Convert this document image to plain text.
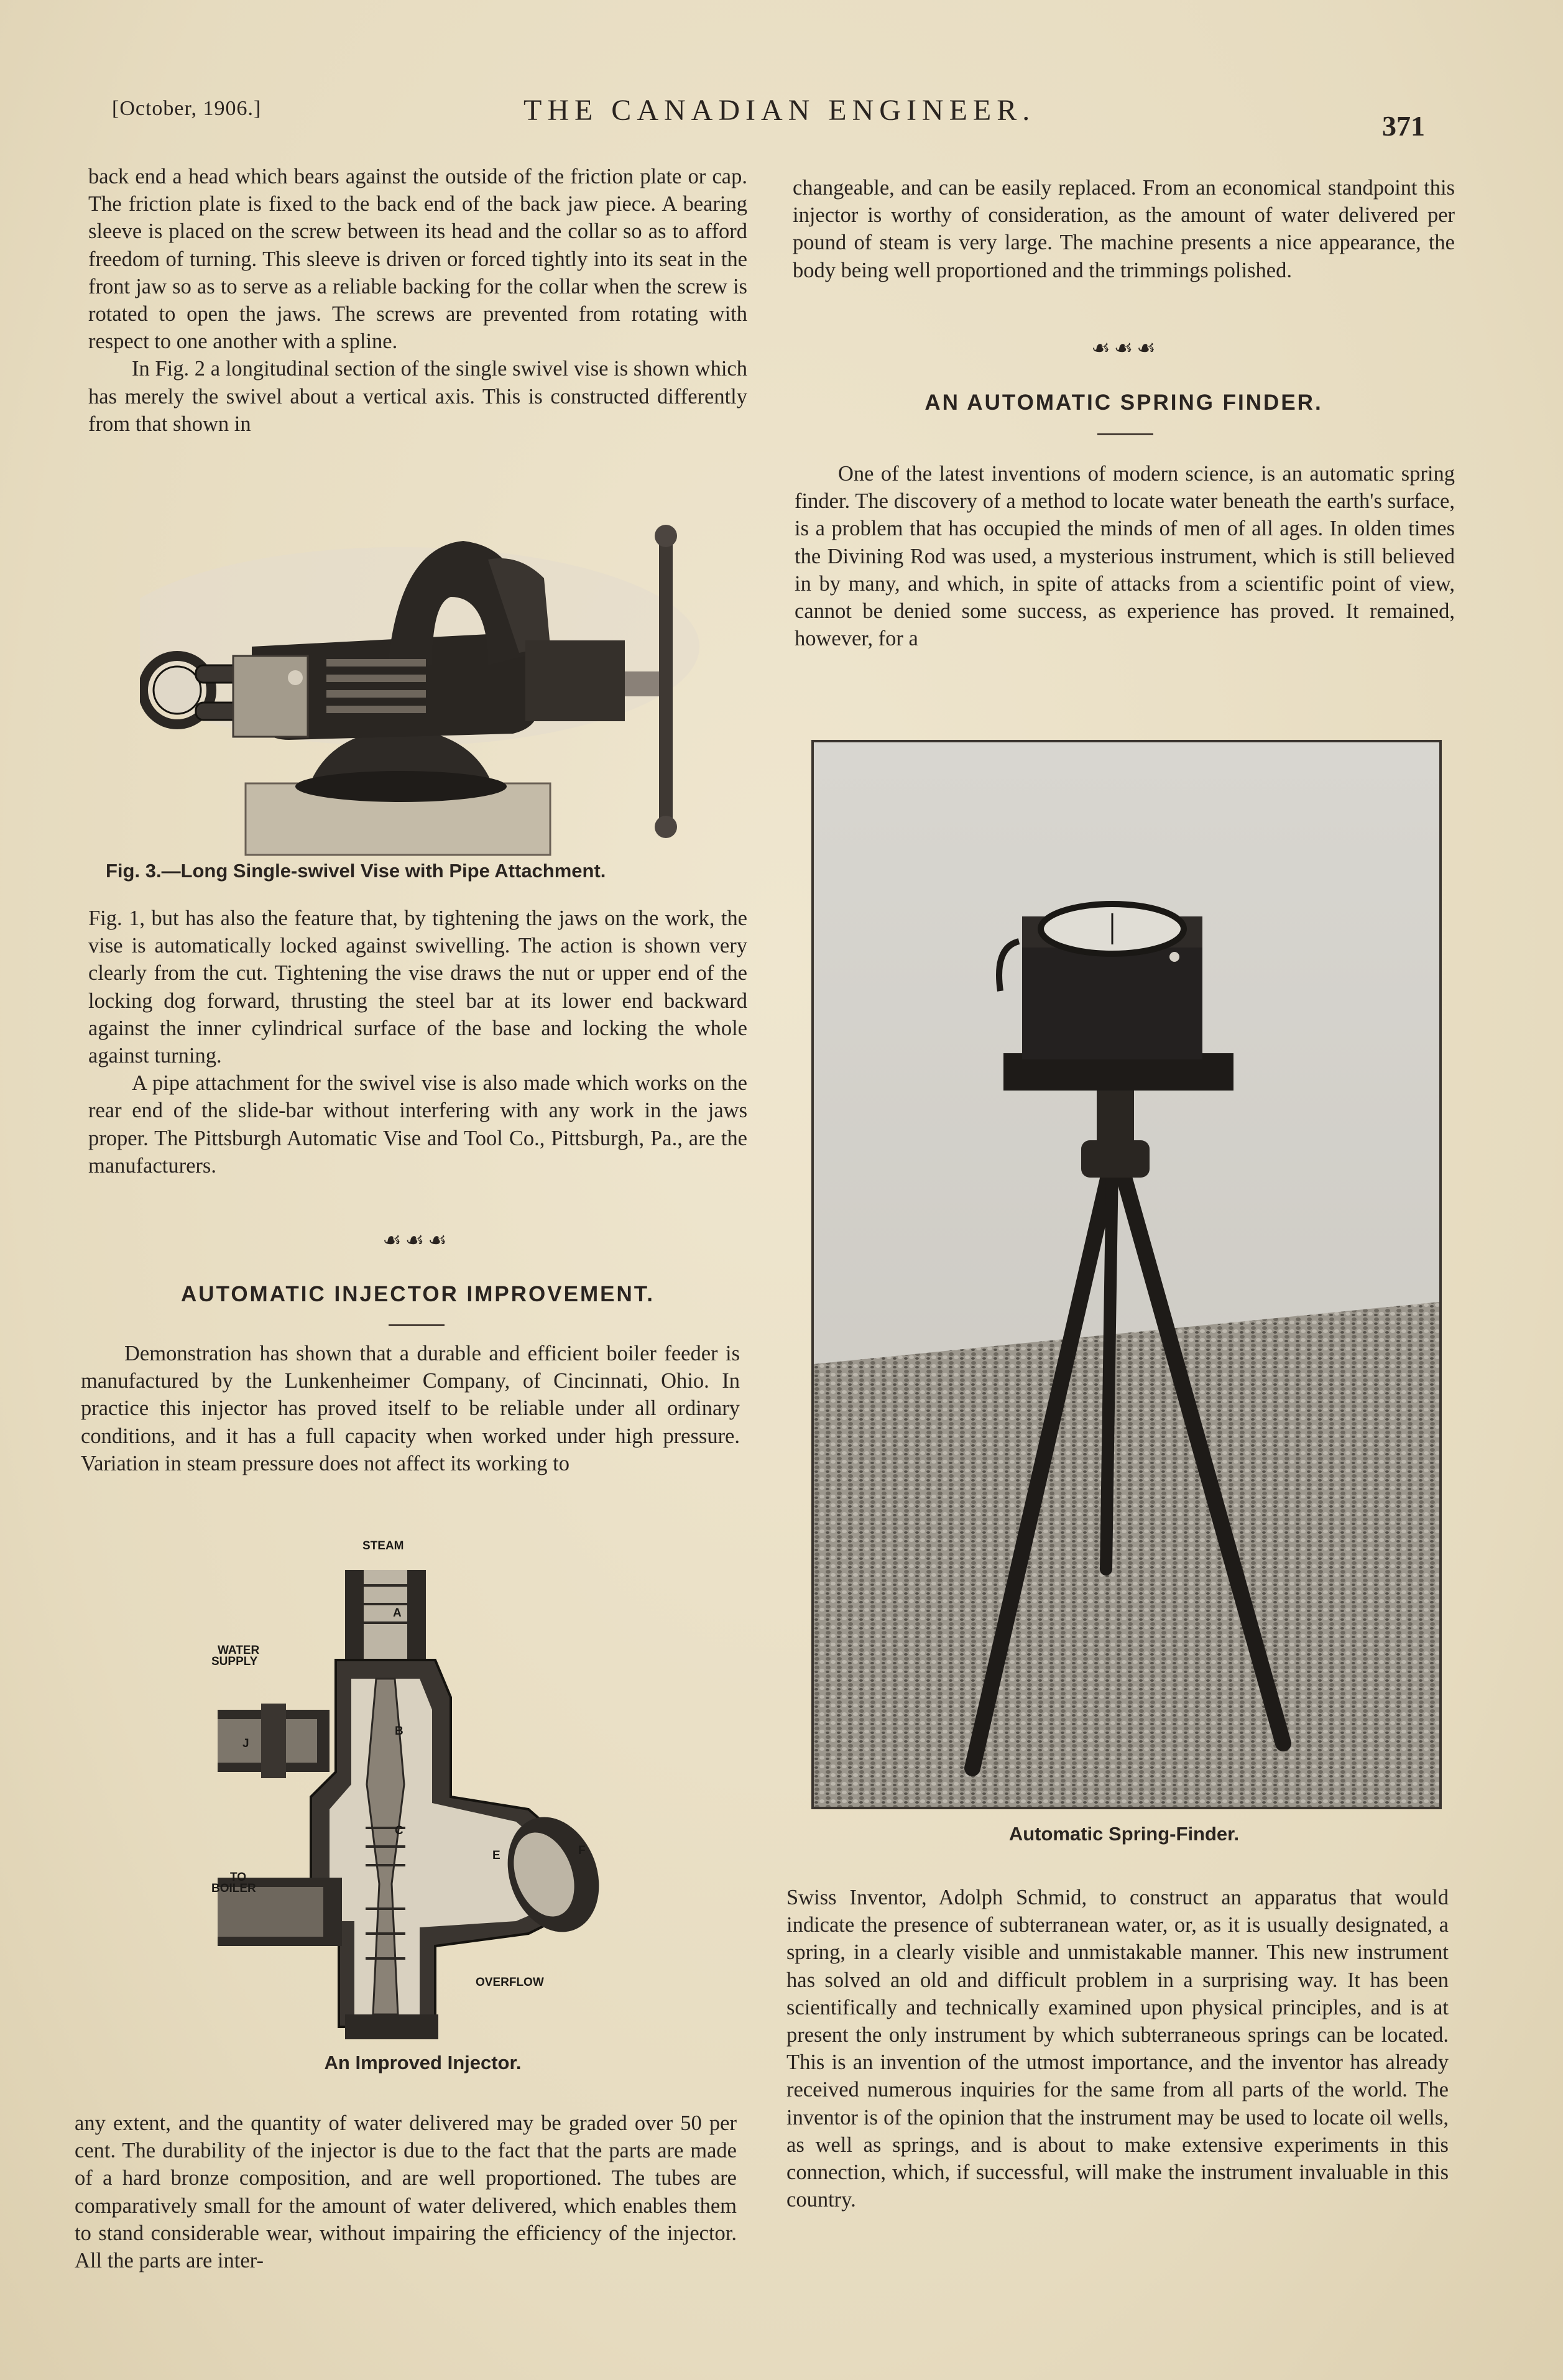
[October, 1906.]	THE CANADIAN ENGINEER.	371

back end a head which bears against the outside of the friction plate or cap. The friction plate is fixed to the back end of the back jaw piece. A bearing sleeve is placed on the screw between its head and the collar so as to afford freedom of turning. This sleeve is driven or forced tightly into its seat in the front jaw so as to serve as a reliable backing for the collar when the screw is rotated to open the jaws. The screws are prevented from rotating with respect to one another with a spline.

In Fig. 2 a longitudinal section of the single swivel vise is shown which has merely the swivel about a vertical axis. This is constructed differently from that shown in

Fig. 3.—Long Single-swivel Vise with Pipe Attachment.

Fig. 1, but has also the feature that, by tightening the jaws on the work, the vise is automatically locked against swivelling. The action is shown very clearly from the cut. Tightening the vise draws the nut or upper end of the locking dog forward, thrusting the steel bar at its lower end backward against the inner cylindrical surface of the base and locking the whole against turning.

A pipe attachment for the swivel vise is also made which works on the rear end of the slide-bar without interfering with any work in the jaws proper. The Pittsburgh Automatic Vise and Tool Co., Pittsburgh, Pa., are the manufacturers.

☙☙☙
AUTOMATIC INJECTOR IMPROVEMENT.

Demonstration has shown that a durable and efficient boiler feeder is manufactured by the Lunkenheimer Company, of Cincinnati, Ohio. In practice this injector has proved itself to be reliable under all ordinary conditions, and it has a full capacity when worked under high pressure. Variation in steam pressure does not affect its working to

STEAM
WATER
SUPPLY
TO
BOILER
OVERFLOW
A
B
C
E	F
J
An Improved Injector.

any extent, and the quantity of water delivered may be graded over 50 per cent. The durability of the injector is due to the fact that the parts are made of a hard bronze composition, and are well proportioned. The tubes are comparatively small for the amount of water delivered, which enables them to stand considerable wear, without impairing the efficiency of the injector. All the parts are inter-

changeable, and can be easily replaced. From an economical standpoint this injector is worthy of consideration, as the amount of water delivered per pound of steam is very large. The machine presents a nice appearance, the body being well proportioned and the trimmings polished.

☙☙☙
AN AUTOMATIC SPRING FINDER.

One of the latest inventions of modern science, is an automatic spring finder. The discovery of a method to locate water beneath the earth's surface, is a problem that has occupied the minds of men of all ages. In olden times the Divining Rod was used, a mysterious instrument, which is still believed in by many, and which, in spite of attacks from a scientific point of view, cannot be denied some success, as experience has proved. It remained, however, for a

Automatic Spring-Finder.

Swiss Inventor, Adolph Schmid, to construct an apparatus that would indicate the presence of subterranean water, or, as it is usually designated, a spring, in a clearly visible and unmistakable manner. This new instrument has solved an old and difficult problem in a surprising way. It has been scientifically and technically examined upon physical principles, and is at present the only instrument by which subterraneous springs can be located. This is an invention of the utmost importance, and the inventor has already received numerous inquiries for the same from all parts of the world. The inventor is of the opinion that the instrument may be used to locate oil wells, as well as springs, and is about to make extensive experiments in this connection, which, if successful, will make the instrument invaluable in this country.
